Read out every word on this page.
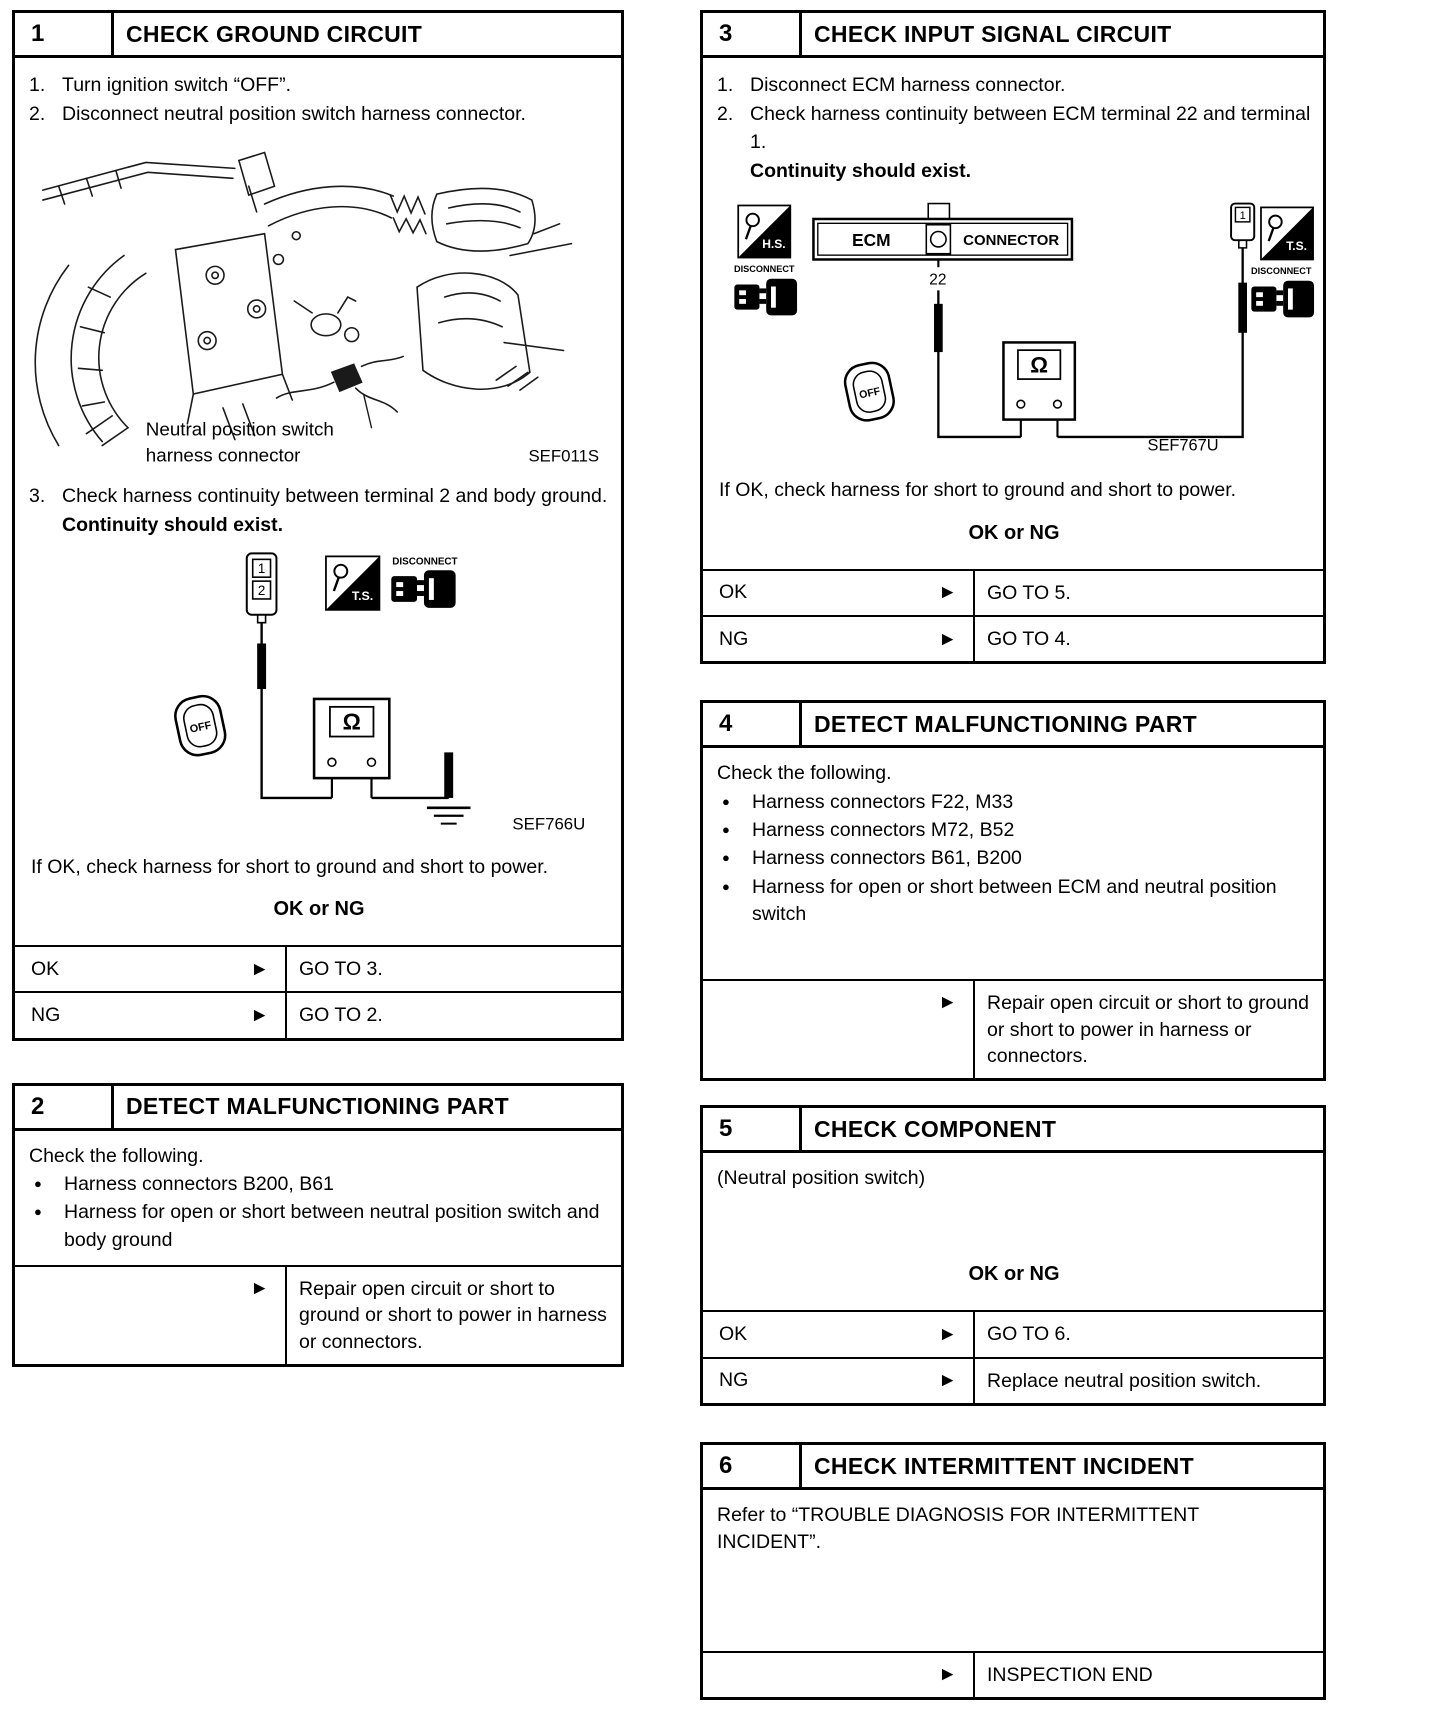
1	CHECK GROUND CIRCUIT
1. Turn ignition switch “OFF”.
2. Disconnect neutral position switch harness connector.
Neutral position switch
harness connector	SEF011S
3. Check harness continuity between terminal 2 and body ground.
Continuity should exist.
1
2	T.S.
DISCONNECT
Ω
OFF
SEF766U
If OK, check harness for short to ground and short to power.
OK or NG
OK	►	GO TO 3.
NG	►	GO TO 2.
2	DETECT MALFUNCTIONING PART
Check the following.
●
Harness connectors B200, B61
●
Harness for open or short between neutral position switch and body ground
►	Repair open circuit or short to ground or short to power in harness or connectors.
3	CHECK INPUT SIGNAL CIRCUIT
1. Disconnect ECM harness connector.
2. Check harness continuity between ECM terminal 22 and terminal 1.
Continuity should exist.
H.S.
DISCONNECT
ECM	CONNECTOR
22
Ω
1
T.S.
DISCONNECT
OFF
SEF767U
If OK, check harness for short to ground and short to power.
OK or NG
OK	►	GO TO 5.
NG	►	GO TO 4.
4	DETECT MALFUNCTIONING PART
Check the following.
●
Harness connectors F22, M33
●
Harness connectors M72, B52
●
Harness connectors B61, B200
●
Harness for open or short between ECM and neutral position switch
►	Repair open circuit or short to ground or short to power in harness or connectors.
5	CHECK COMPONENT
(Neutral position switch)
OK or NG
OK	►	GO TO 6.
NG	►	Replace neutral position switch.
6	CHECK INTERMITTENT INCIDENT
Refer to “TROUBLE DIAGNOSIS FOR INTERMITTENT INCIDENT”.
►	INSPECTION END
